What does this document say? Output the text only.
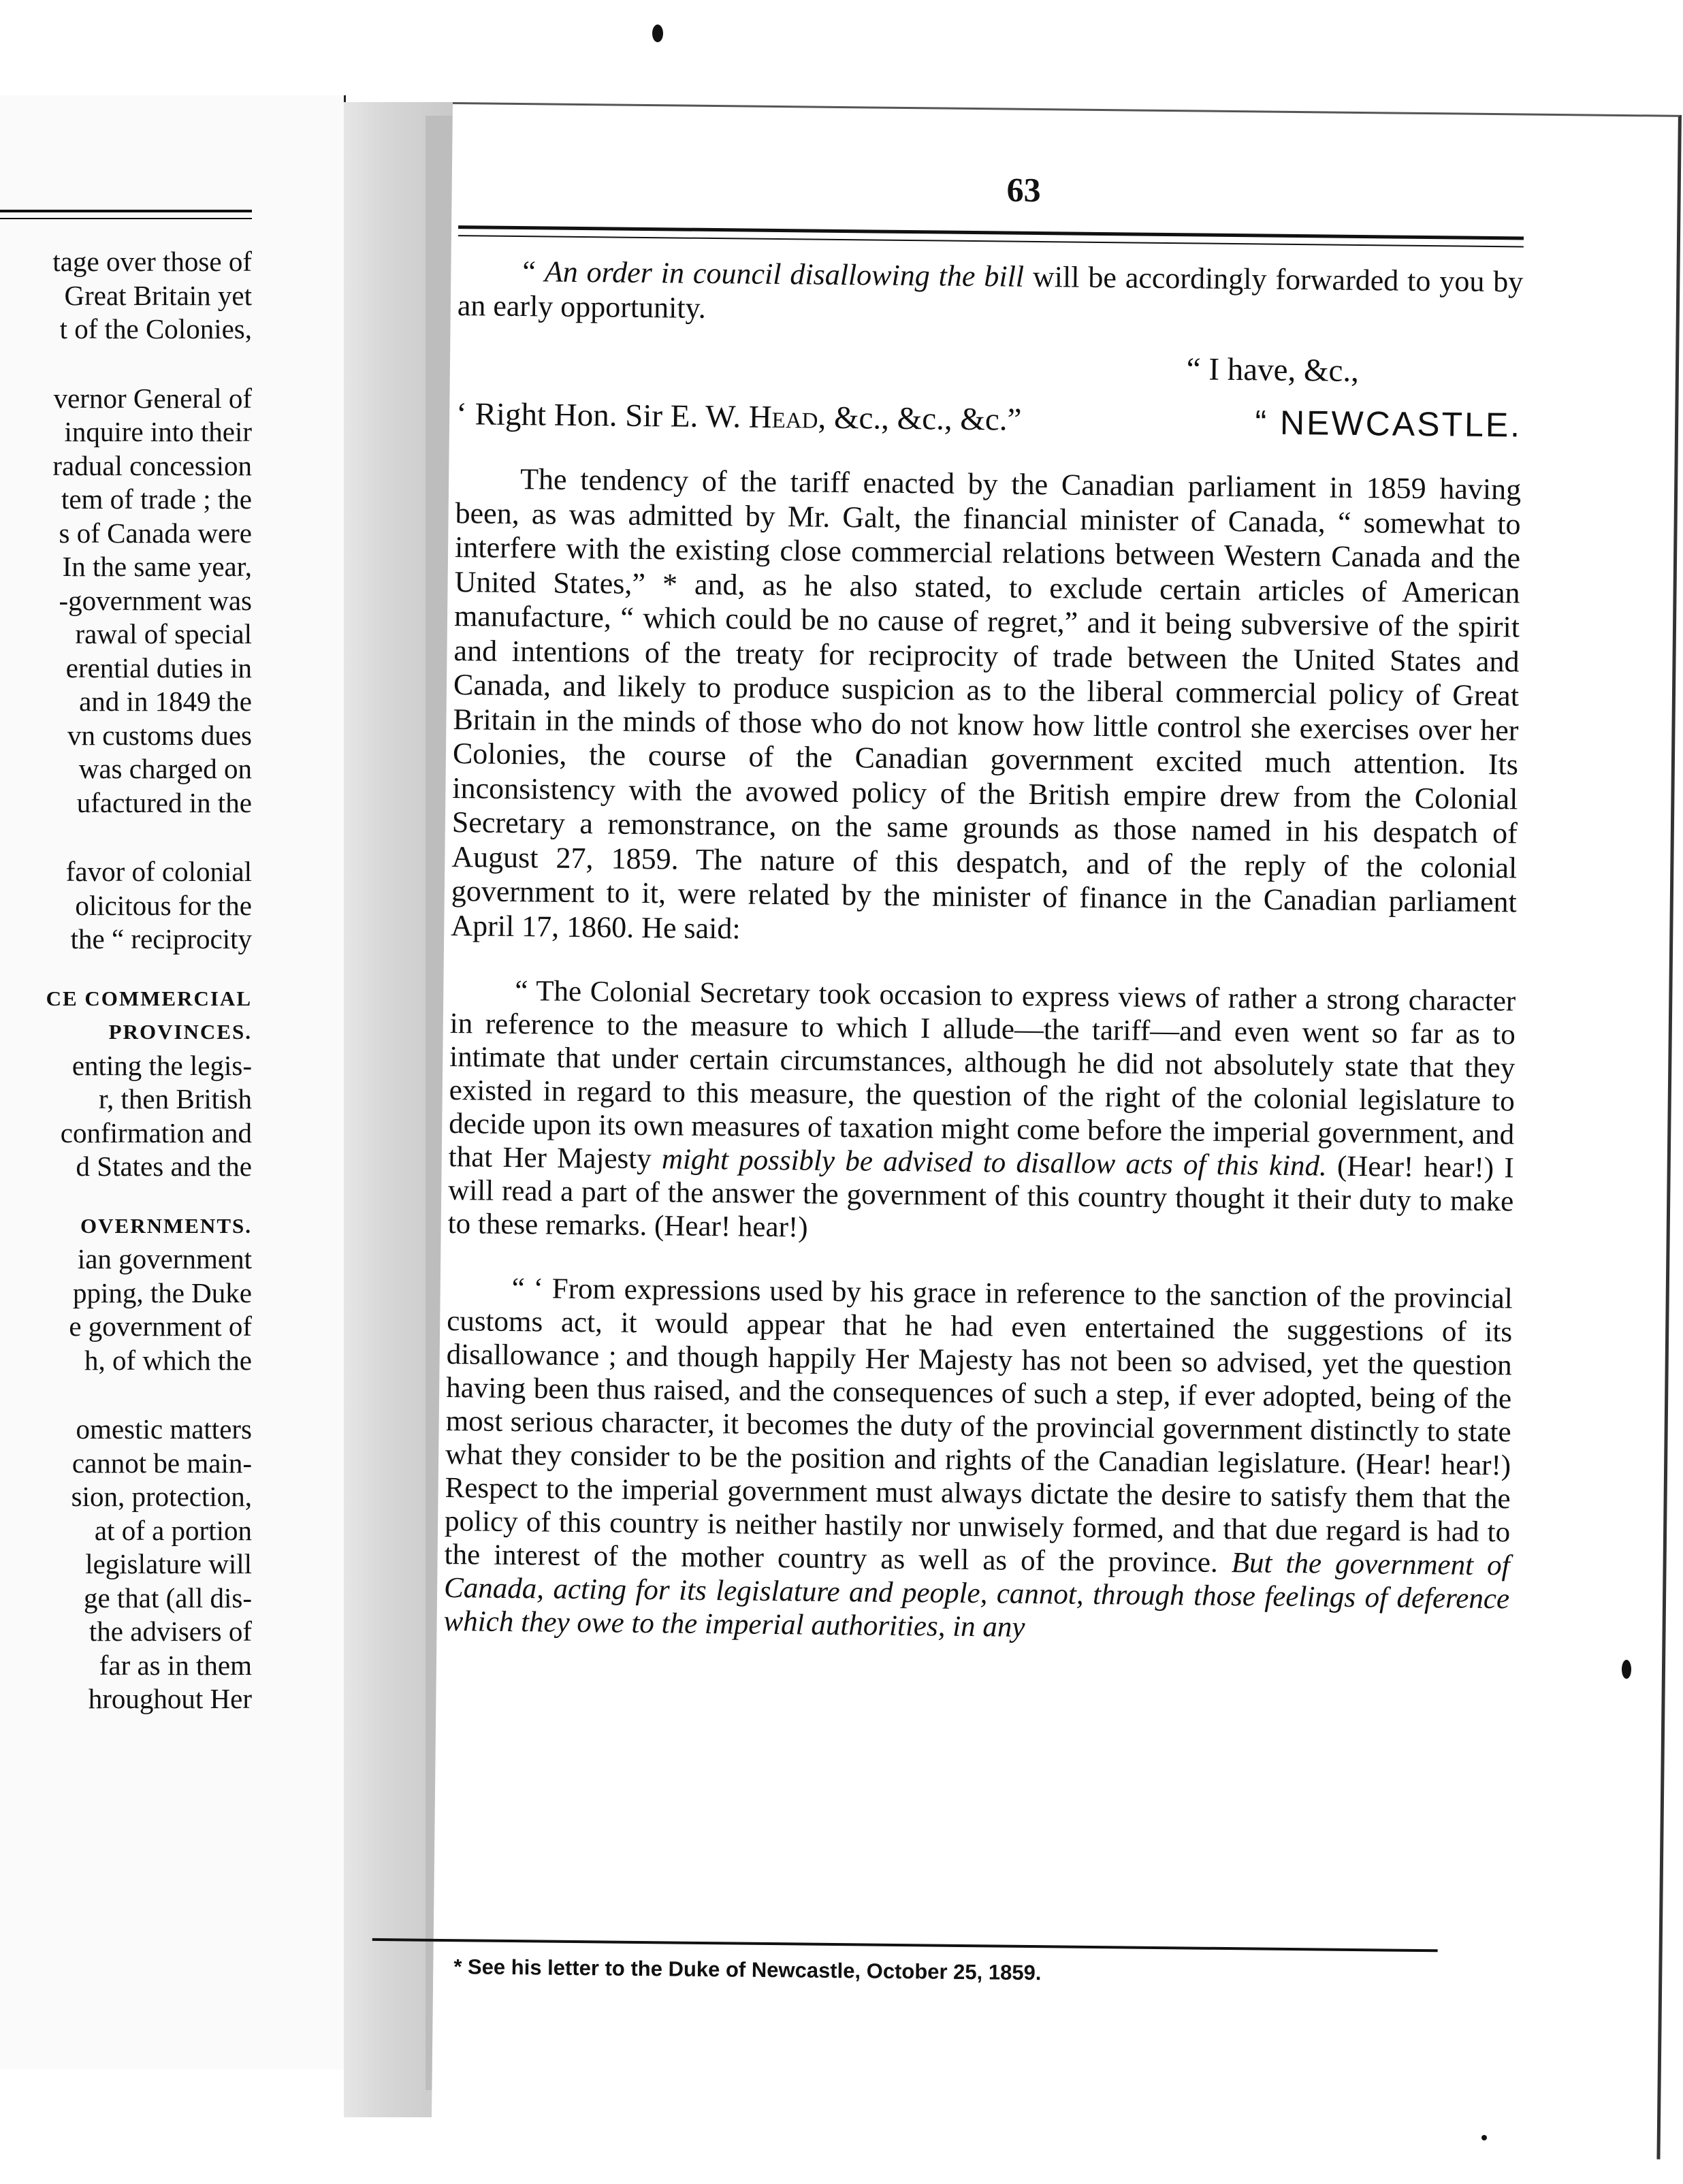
tage over those of
Great Britain yet
t of the Colonies,
vernor General of
inquire into their
radual concession
tem of trade ; the
s of Canada were
In the same year,
-government was
rawal of special
erential duties in
and in 1849 the
vn customs dues
was charged on
ufactured in the
favor of colonial
olicitous for the
the “ reciprocity
CE COMMERCIAL
PROVINCES.
enting the legis-
r, then British
confirmation and
d States and the
OVERNMENTS.
ian government
pping, the Duke
e government of
h, of which the
omestic matters
cannot be main-
sion, protection,
at of a portion
legislature will
ge that (all dis-
the advisers of
far as in them
hroughout Her
63

“ An order in council disallowing the bill will be accordingly forwarded to you by an early opportunity.

“ I have, &c.,

‘ Right Hon. Sir E. W. Head, &c., &c., &c.”	“ NEWCASTLE.

The tendency of the tariff enacted by the Canadian parliament in 1859 having been, as was admitted by Mr. Galt, the financial minister of Canada, “ somewhat to interfere with the existing close commercial relations between Western Canada and the United States,” * and, as he also stated, to exclude certain articles of American manufacture, “ which could be no cause of regret,” and it being subversive of the spirit and intentions of the treaty for reciprocity of trade between the United States and Canada, and likely to produce suspicion as to the liberal commercial policy of Great Britain in the minds of those who do not know how little control she exercises over her Colonies, the course of the Canadian government excited much attention. Its inconsistency with the avowed policy of the British empire drew from the Colonial Secretary a remonstrance, on the same grounds as those named in his despatch of August 27, 1859. The nature of this despatch, and of the reply of the colonial government to it, were related by the minister of finance in the Canadian parliament April 17, 1860. He said:

“ The Colonial Secretary took occasion to express views of rather a strong character in reference to the measure to which I allude—the tariff—and even went so far as to intimate that under certain circumstances, although he did not absolutely state that they existed in regard to this measure, the question of the right of the colonial legislature to decide upon its own measures of taxation might come before the imperial government, and that Her Majesty might possibly be advised to disallow acts of this kind. (Hear! hear!) I will read a part of the answer the government of this country thought it their duty to make to these remarks. (Hear! hear!)

“ ‘ From expressions used by his grace in reference to the sanction of the provincial customs act, it would appear that he had even entertained the suggestions of its disallowance ; and though happily Her Majesty has not been so advised, yet the question having been thus raised, and the consequences of such a step, if ever adopted, being of the most serious character, it becomes the duty of the provincial government distinctly to state what they consider to be the position and rights of the Canadian legislature. (Hear! hear!) Respect to the imperial government must always dictate the desire to satisfy them that the policy of this country is neither hastily nor unwisely formed, and that due regard is had to the interest of the mother country as well as of the province. But the government of Canada, acting for its legislature and people, cannot, through those feelings of deference which they owe to the imperial authorities, in any

* See his letter to the Duke of Newcastle, October 25, 1859.
